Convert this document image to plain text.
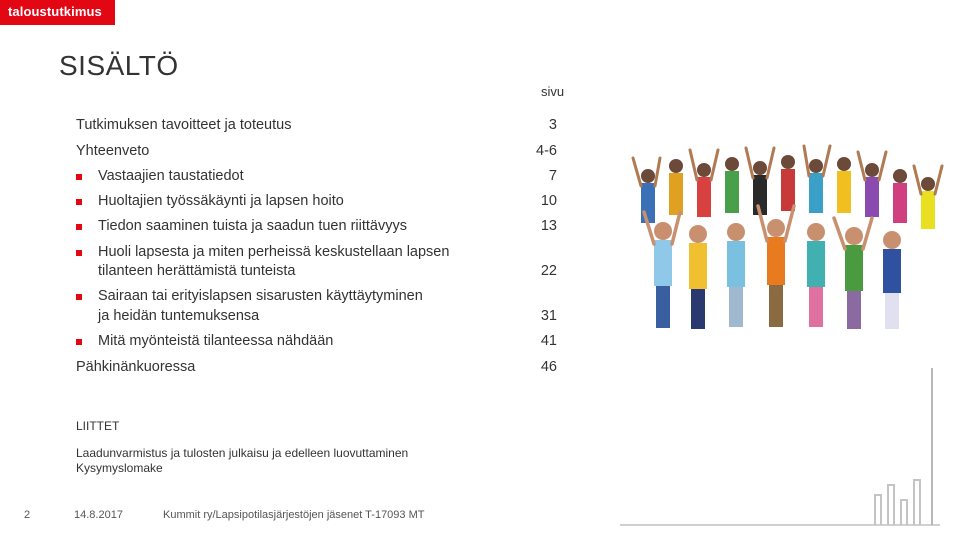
taloustutkimus
SISÄLTÖ
sivu
Tutkimuksen tavoitteet ja toteutus	3
Yhteenveto	4-6
Vastaajien taustatiedot	7
Huoltajien työssäkäynti ja lapsen hoito	10
Tiedon saaminen tuista ja saadun tuen riittävyys	13
Huoli lapsesta ja miten perheissä keskustellaan lapsen
tilanteen herättämistä tunteista	22
Sairaan tai erityislapsen sisarusten käyttäytyminen
ja heidän tuntemuksensa	31
Mitä myönteistä tilanteessa nähdään	41
Pähkinänkuoressa	46
LIITTET
Laadunvarmistus ja tulosten julkaisu ja edelleen luovuttaminen
Kysymyslomake
2	14.8.2017	Kummit ry/Lapsipotilasjärjestöjen jäsenet T-17093 MT
